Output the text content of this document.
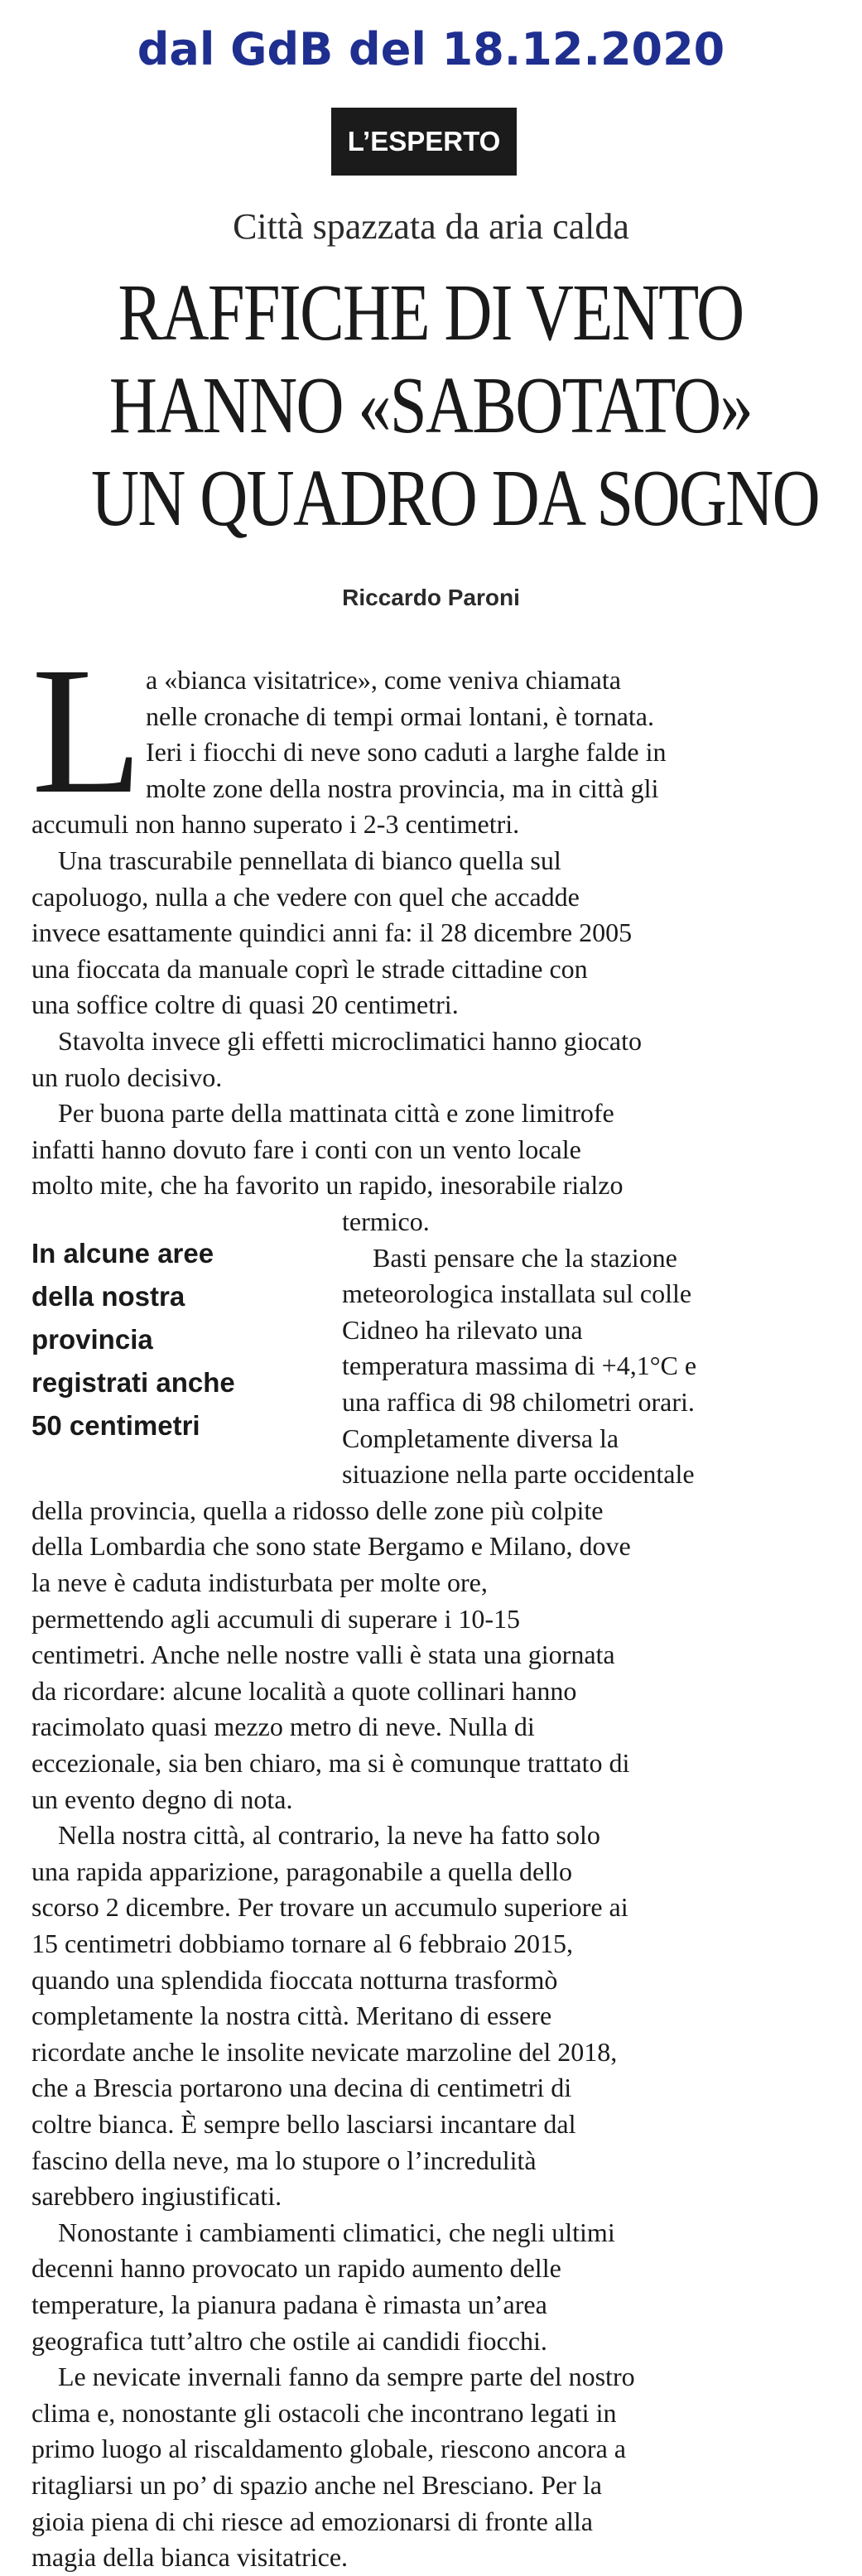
dal GdB del 18.12.2020
L’ESPERTO
Città spazzata da aria calda
RAFFICHE DI VENTO
HANNO «SABOTATO»
UN QUADRO DA SOGNO
Riccardo Paroni
L a «bianca visitatrice», come veniva chiamata

nelle cronache di tempi ormai lontani, è tornata.

Ieri i fiocchi di neve sono caduti a larghe falde in

molte zone della nostra provincia, ma in città gli

accumuli non hanno superato i 2-3 centimetri.

Una trascurabile pennellata di bianco quella sul

capoluogo, nulla a che vedere con quel che accadde

invece esattamente quindici anni fa: il 28 dicembre 2005

una fioccata da manuale coprì le strade cittadine con

una soffice coltre di quasi 20 centimetri.

Stavolta invece gli effetti microclimatici hanno giocato

un ruolo decisivo.

Per buona parte della mattinata città e zone limitrofe

infatti hanno dovuto fare i conti con un vento locale

molto mite, che ha favorito un rapido, inesorabile rialzo

termico.

Basti pensare che la stazione

meteorologica installata sul colle

Cidneo ha rilevato una

temperatura massima di +4,1°C e

una raffica di 98 chilometri orari.

Completamente diversa la

situazione nella parte occidentale

della provincia, quella a ridosso delle zone più colpite

della Lombardia che sono state Bergamo e Milano, dove

la neve è caduta indisturbata per molte ore,

permettendo agli accumuli di superare i 10-15

centimetri. Anche nelle nostre valli è stata una giornata

da ricordare: alcune località a quote collinari hanno

racimolato quasi mezzo metro di neve. Nulla di

eccezionale, sia ben chiaro, ma si è comunque trattato di

un evento degno di nota.

Nella nostra città, al contrario, la neve ha fatto solo

una rapida apparizione, paragonabile a quella dello

scorso 2 dicembre. Per trovare un accumulo superiore ai

15 centimetri dobbiamo tornare al 6 febbraio 2015,

quando una splendida fioccata notturna trasformò

completamente la nostra città. Meritano di essere

ricordate anche le insolite nevicate marzoline del 2018,

che a Brescia portarono una decina di centimetri di

coltre bianca. È sempre bello lasciarsi incantare dal

fascino della neve, ma lo stupore o l’incredulità

sarebbero ingiustificati.

Nonostante i cambiamenti climatici, che negli ultimi

decenni hanno provocato un rapido aumento delle

temperature, la pianura padana è rimasta un’area

geografica tutt’altro che ostile ai candidi fiocchi.

Le nevicate invernali fanno da sempre parte del nostro

clima e, nonostante gli ostacoli che incontrano legati in

primo luogo al riscaldamento globale, riescono ancora a

ritagliarsi un po’ di spazio anche nel Bresciano. Per la

gioia piena di chi riesce ad emozionarsi di fronte alla

magia della bianca visitatrice.

In alcune aree
della nostra
provincia
registrati anche
50 centimetri
